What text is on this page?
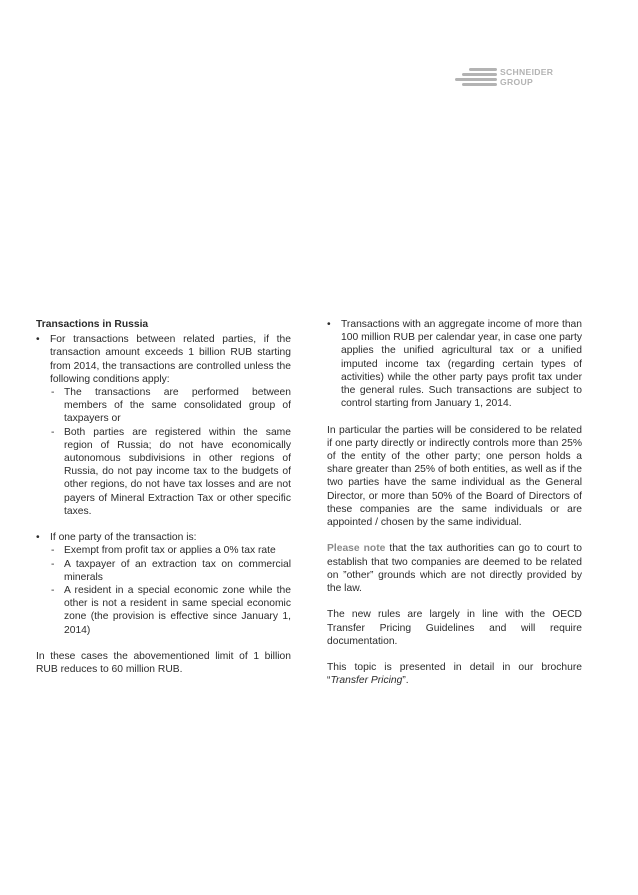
SCHNEIDER
GROUP

Transactions in Russia

• For transactions between related parties, if the transaction amount exceeds 1 billion RUB starting from 2014, the transactions are controlled unless the following conditions apply:
- The transactions are performed between members of the same consolidated group of taxpayers or
- Both parties are registered within the same region of Russia; do not have economically autonomous subdivisions in other regions of Russia, do not pay income tax to the budgets of other regions, do not have tax losses and are not payers of Mineral Extraction Tax or other specific taxes.
• If one party of the transaction is:
- Exempt from profit tax or applies a 0% tax rate
- A taxpayer of an extraction tax on commercial minerals
- A resident in a special economic zone while the other is not a resident in same special economic zone (the provision is effective since January 1, 2014)

In these cases the abovementioned limit of 1 billion RUB reduces to 60 million RUB.

• Transactions with an aggregate income of more than 100 million RUB per calendar year, in case one party applies the unified agricultural tax or a unified imputed income tax (regarding certain types of activities) while the other party pays profit tax under the general rules. Such transactions are subject to control starting from January 1, 2014.

In particular the parties will be considered to be related if one party directly or indirectly controls more than 25% of the entity of the other party; one person holds a share greater than 25% of both entities, as well as if the two parties have the same individual as the General Director, or more than 50% of the Board of Directors of these companies are the same individuals or are appointed / chosen by the same individual.

Please note that the tax authorities can go to court to establish that two companies are deemed to be related on ”other” grounds which are not directly provided by the law.

The new rules are largely in line with the OECD Transfer Pricing Guidelines and will require documentation.

This topic is presented in detail in our brochure “Transfer Pricing”.
